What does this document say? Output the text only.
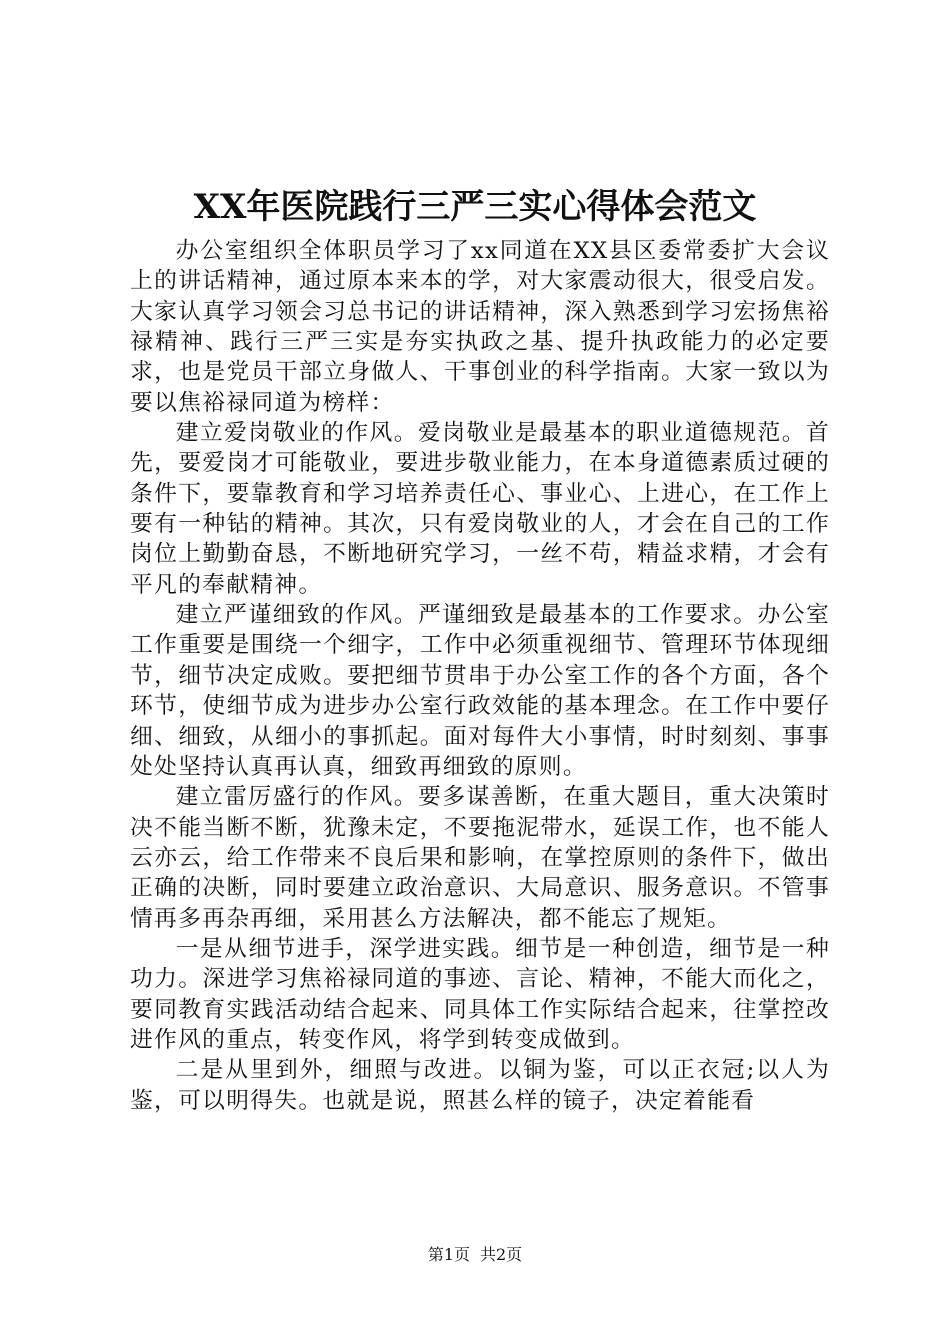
XX年医院践行三严三实心得体会范文

办公室组织全体职员学习了xx同道在XX县区委常委扩大会议上的讲话精神，通过原本来本的学，对大家震动很大，很受启发。大家认真学习领会习总书记的讲话精神，深入熟悉到学习宏扬焦裕禄精神、践行三严三实是夯实执政之基、提升执政能力的必定要求，也是党员干部立身做人、干事创业的科学指南。大家一致以为要以焦裕禄同道为榜样：

建立爱岗敬业的作风。爱岗敬业是最基本的职业道德规范。首先，要爱岗才可能敬业，要进步敬业能力，在本身道德素质过硬的条件下，要靠教育和学习培养责任心、事业心、上进心，在工作上要有一种钻的精神。其次，只有爱岗敬业的人，才会在自己的工作岗位上勤勤奋恳，不断地研究学习，一丝不苟，精益求精，才会有平凡的奉献精神。

建立严谨细致的作风。严谨细致是最基本的工作要求。办公室工作重要是围绕一个细字，工作中必须重视细节、管理环节体现细节，细节决定成败。要把细节贯串于办公室工作的各个方面，各个环节，使细节成为进步办公室行政效能的基本理念。在工作中要仔细、细致，从细小的事抓起。面对每件大小事情，时时刻刻、事事处处坚持认真再认真，细致再细致的原则。

建立雷厉盛行的作风。要多谋善断，在重大题目，重大决策时决不能当断不断，犹豫未定，不要拖泥带水，延误工作，也不能人云亦云，给工作带来不良后果和影响，在掌控原则的条件下，做出正确的决断，同时要建立政治意识、大局意识、服务意识。不管事情再多再杂再细，采用甚么方法解决，都不能忘了规矩。

一是从细节进手，深学进实践。细节是一种创造，细节是一种功力。深进学习焦裕禄同道的事迹、言论、精神，不能大而化之，要同教育实践活动结合起来、同具体工作实际结合起来，往掌控改进作风的重点，转变作风，将学到转变成做到。

二是从里到外，细照与改进。以铜为鉴，可以正衣冠;以人为鉴，可以明得失。也就是说，照甚么样的镜子，决定着能看

第1页 共2页
